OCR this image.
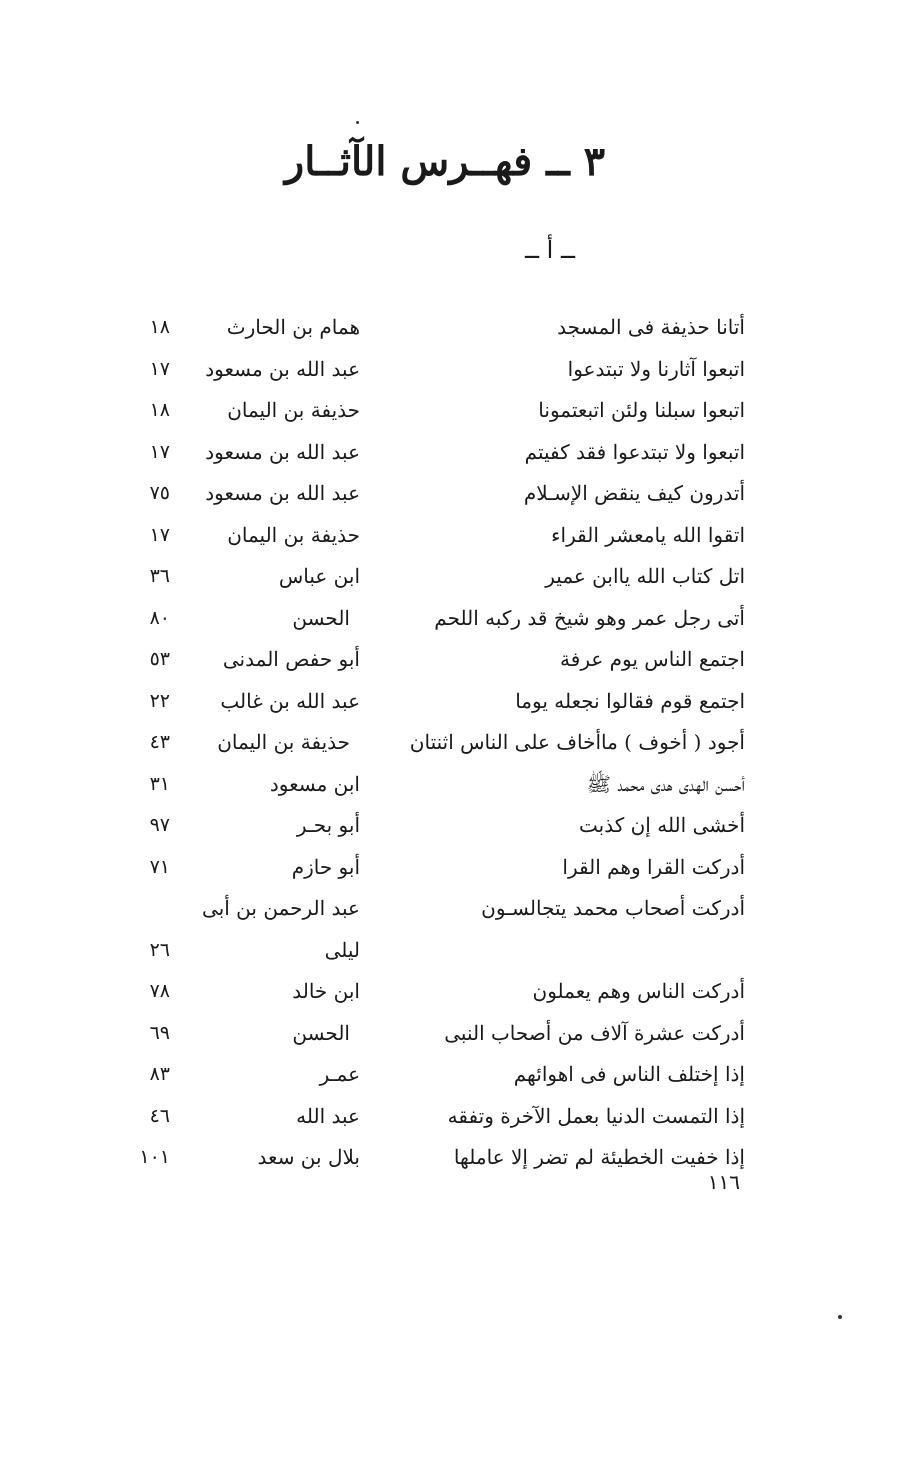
٣ ــ فهــرس الآثــار
ــ أ ــ
أتانا حذيفة فى المسجد
همام بن الحارث
١٨
اتبعوا آثارنا ولا تبتدعوا
عبد الله بن مسعود
١٧
اتبعوا سبلنا ولئن اتبعتمونا
حذيفة بن اليمان
١٨
اتبعوا ولا تبتدعوا فقد كفيتم
عبد الله بن مسعود
١٧
أتدرون كيف ينقض الإسـلام
عبد الله بن مسعود
٧٥
اتقوا الله يامعشر القراء
حذيفة بن اليمان
١٧
اتل كتاب الله ياابن عمير
ابن عباس
٣٦
أتى رجل عمر وهو شيخ قد ركبه اللحم
الحسن
٨٠
اجتمع الناس يوم عرفة
أبو حفص المدنى
٥٣
اجتمع قوم فقالوا نجعله يوما
عبد الله بن غالب
٢٢
أجود ( أخوف ) ماأخاف على الناس اثنتان
حذيفة بن اليمان
٤٣
أحسن الهدى هدى محمد ﷺ
ابن مسعود
٣١
أخشى الله إن كذبت
أبو بحـر
٩٧
أدركت القرا وهم القرا
أبو حازم
٧١
أدركت أصحاب محمد يتجالسـون
عبد الرحمن بن أبى
ليلى
٢٦
أدركت الناس وهم يعملون
ابن خالد
٧٨
أدركت عشرة آلاف من أصحاب النبى
الحسن
٦٩
إذا إختلف الناس فى اهوائهم
عمـر
٨٣
إذا التمست الدنيا بعمل الآخرة وتفقه
عبد الله
٤٦
إذا خفيت الخطيئة لم تضر إلا عاملها
بلال بن سعد
١٠١
١١٦
